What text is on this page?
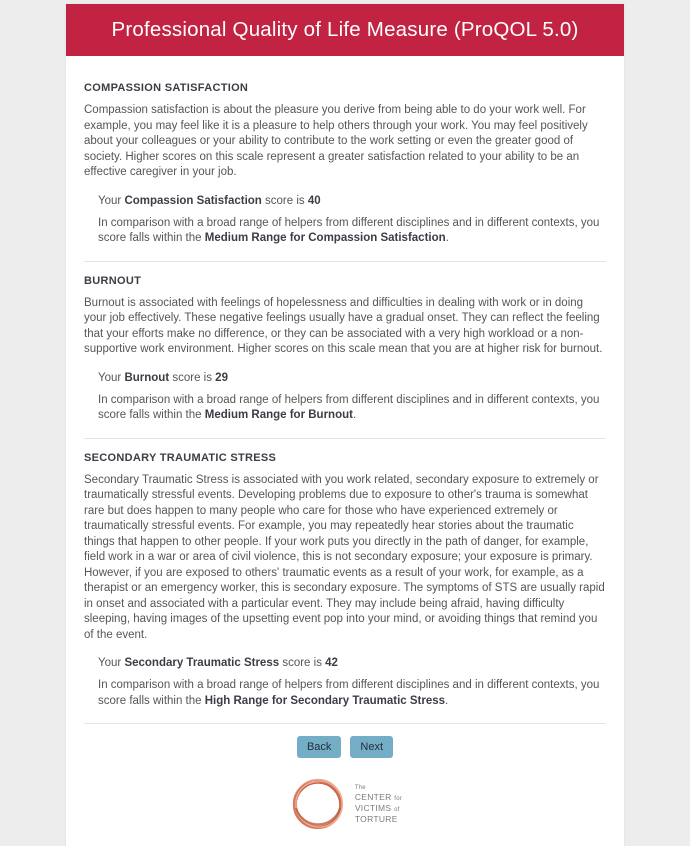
Professional Quality of Life Measure (ProQOL 5.0)
COMPASSION SATISFACTION

Compassion satisfaction is about the pleasure you derive from being able to do your work well. For example, you may feel like it is a pleasure to help others through your work. You may feel positively about your colleagues or your ability to contribute to the work setting or even the greater good of society. Higher scores on this scale represent a greater satisfaction related to your ability to be an effective caregiver in your job.

Your Compassion Satisfaction score is 40

In comparison with a broad range of helpers from different disciplines and in different contexts, you score falls within the Medium Range for Compassion Satisfaction.

BURNOUT

Burnout is associated with feelings of hopelessness and difficulties in dealing with work or in doing your job effectively. These negative feelings usually have a gradual onset. They can reflect the feeling that your efforts make no difference, or they can be associated with a very high workload or a non-supportive work environment. Higher scores on this scale mean that you are at higher risk for burnout.

Your Burnout score is 29

In comparison with a broad range of helpers from different disciplines and in different contexts, you score falls within the Medium Range for Burnout.

SECONDARY TRAUMATIC STRESS

Secondary Traumatic Stress is associated with you work related, secondary exposure to extremely or traumatically stressful events. Developing problems due to exposure to other's trauma is somewhat rare but does happen to many people who care for those who have experienced extremely or traumatically stressful events. For example, you may repeatedly hear stories about the traumatic things that happen to other people. If your work puts you directly in the path of danger, for example, field work in a war or area of civil violence, this is not secondary exposure; your exposure is primary. However, if you are exposed to others' traumatic events as a result of your work, for example, as a therapist or an emergency worker, this is secondary exposure. The symptoms of STS are usually rapid in onset and associated with a particular event. They may include being afraid, having difficulty sleeping, having images of the upsetting event pop into your mind, or avoiding things that remind you of the event.

Your Secondary Traumatic Stress score is 42

In comparison with a broad range of helpers from different disciplines and in different contexts, you score falls within the High Range for Secondary Traumatic Stress.

Back	Next
The
CENTER for
VICTIMS of
TORTURE
